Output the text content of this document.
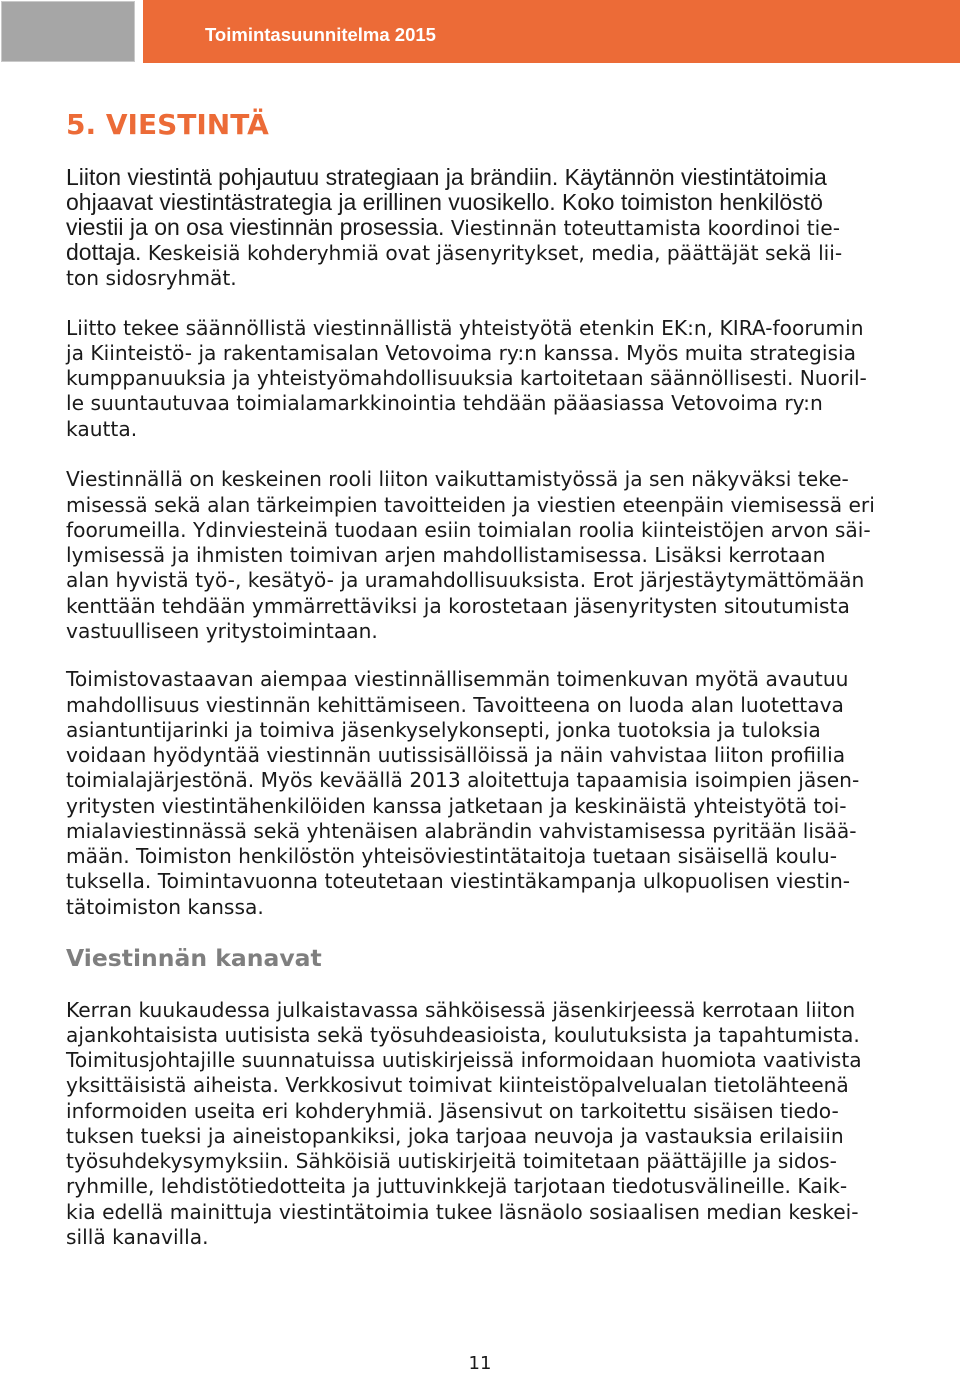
Toimintasuunnitelma 2015
5. VIESTINTÄ
Liiton viestintä pohjautuu strategiaan ja brändiin. Käytännön viestintätoimia
ohjaavat viestintästrategia ja erillinen vuosikello. Koko toimiston henkilöstö
viestii ja on osa viestinnän prosessia. Viestinnän toteuttamista koordinoi tie-
dottaja. Keskeisiä kohderyhmiä ovat jäsenyritykset, media, päättäjät sekä lii-
ton sidosryhmät.
Liitto tekee säännöllistä viestinnällistä yhteistyötä etenkin EK:n, KIRA-foorumin
ja Kiinteistö- ja rakentamisalan Vetovoima ry:n kanssa. Myös muita strategisia
kumppanuuksia ja yhteistyömahdollisuuksia kartoitetaan säännöllisesti. Nuoril-
le suuntautuvaa toimialamarkkinointia tehdään pääasiassa Vetovoima ry:n
kautta.
Viestinnällä on keskeinen rooli liiton vaikuttamistyössä ja sen näkyväksi teke-
misessä sekä alan tärkeimpien tavoitteiden ja viestien eteenpäin viemisessä eri
foorumeilla. Ydinviesteinä tuodaan esiin toimialan roolia kiinteistöjen arvon säi-
lymisessä ja ihmisten toimivan arjen mahdollistamisessa. Lisäksi kerrotaan
alan hyvistä työ-, kesätyö- ja uramahdollisuuksista. Erot järjestäytymättömään
kenttään tehdään ymmärrettäviksi ja korostetaan jäsenyritysten sitoutumista
vastuulliseen yritystoimintaan.
Toimistovastaavan aiempaa viestinnällisemmän toimenkuvan myötä avautuu
mahdollisuus viestinnän kehittämiseen. Tavoitteena on luoda alan luotettava
asiantuntijarinki ja toimiva jäsenkyselykonsepti, jonka tuotoksia ja tuloksia
voidaan hyödyntää viestinnän uutissisällöissä ja näin vahvistaa liiton profiilia
toimialajärjestönä. Myös keväällä 2013 aloitettuja tapaamisia isoimpien jäsen-
yritysten viestintähenkilöiden kanssa jatketaan ja keskinäistä yhteistyötä toi-
mialaviestinnässä sekä yhtenäisen alabrändin vahvistamisessa pyritään lisää-
mään. Toimiston henkilöstön yhteisöviestintätaitoja tuetaan sisäisellä koulu-
tuksella. Toimintavuonna toteutetaan viestintäkampanja ulkopuolisen viestin-
tätoimiston kanssa.
Viestinnän kanavat
Kerran kuukaudessa julkaistavassa sähköisessä jäsenkirjeessä kerrotaan liiton
ajankohtaisista uutisista sekä työsuhdeasioista, koulutuksista ja tapahtumista.
Toimitusjohtajille suunnatuissa uutiskirjeissä informoidaan huomiota vaativista
yksittäisistä aiheista. Verkkosivut toimivat kiinteistöpalvelualan tietolähteenä
informoiden useita eri kohderyhmiä. Jäsensivut on tarkoitettu sisäisen tiedo-
tuksen tueksi ja aineistopankiksi, joka tarjoaa neuvoja ja vastauksia erilaisiin
työsuhdekysymyksiin. Sähköisiä uutiskirjeitä toimitetaan päättäjille ja sidos-
ryhmille, lehdistötiedotteita ja juttuvinkkejä tarjotaan tiedotusvälineille. Kaik-
kia edellä mainittuja viestintätoimia tukee läsnäolo sosiaalisen median keskei-
sillä kanavilla.
11
